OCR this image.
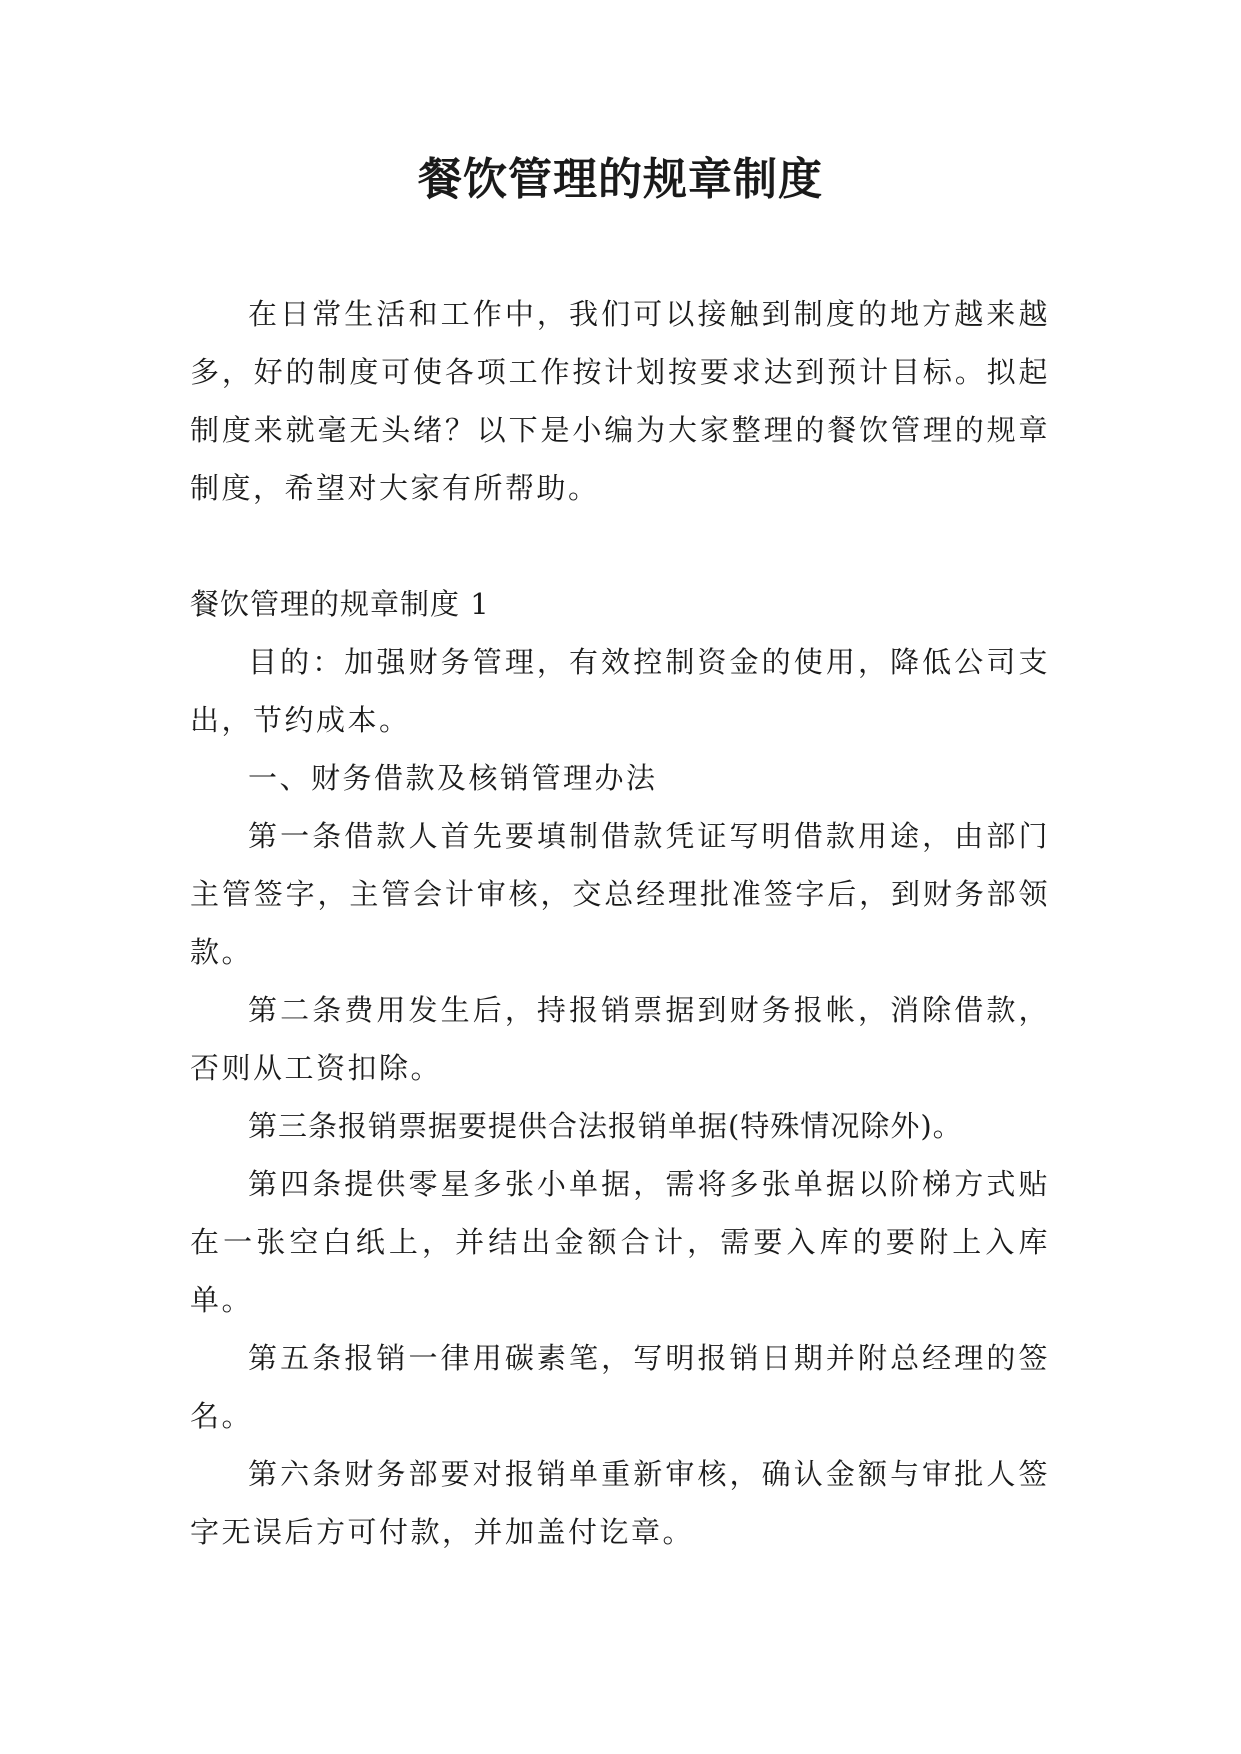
餐饮管理的规章制度

在日常生活和工作中，我们可以接触到制度的地方越来越多，好的制度可使各项工作按计划按要求达到预计目标。拟起制度来就毫无头绪？以下是小编为大家整理的餐饮管理的规章制度，希望对大家有所帮助。

餐饮管理的规章制度 1

目的：加强财务管理，有效控制资金的使用，降低公司支出，节约成本。

一、财务借款及核销管理办法

第一条借款人首先要填制借款凭证写明借款用途，由部门主管签字，主管会计审核，交总经理批准签字后，到财务部领款。

第二条费用发生后，持报销票据到财务报帐，消除借款，否则从工资扣除。

第三条报销票据要提供合法报销单据(特殊情况除外)。

第四条提供零星多张小单据，需将多张单据以阶梯方式贴在一张空白纸上，并结出金额合计，需要入库的要附上入库单。

第五条报销一律用碳素笔，写明报销日期并附总经理的签名。

第六条财务部要对报销单重新审核，确认金额与审批人签字无误后方可付款，并加盖付讫章。
